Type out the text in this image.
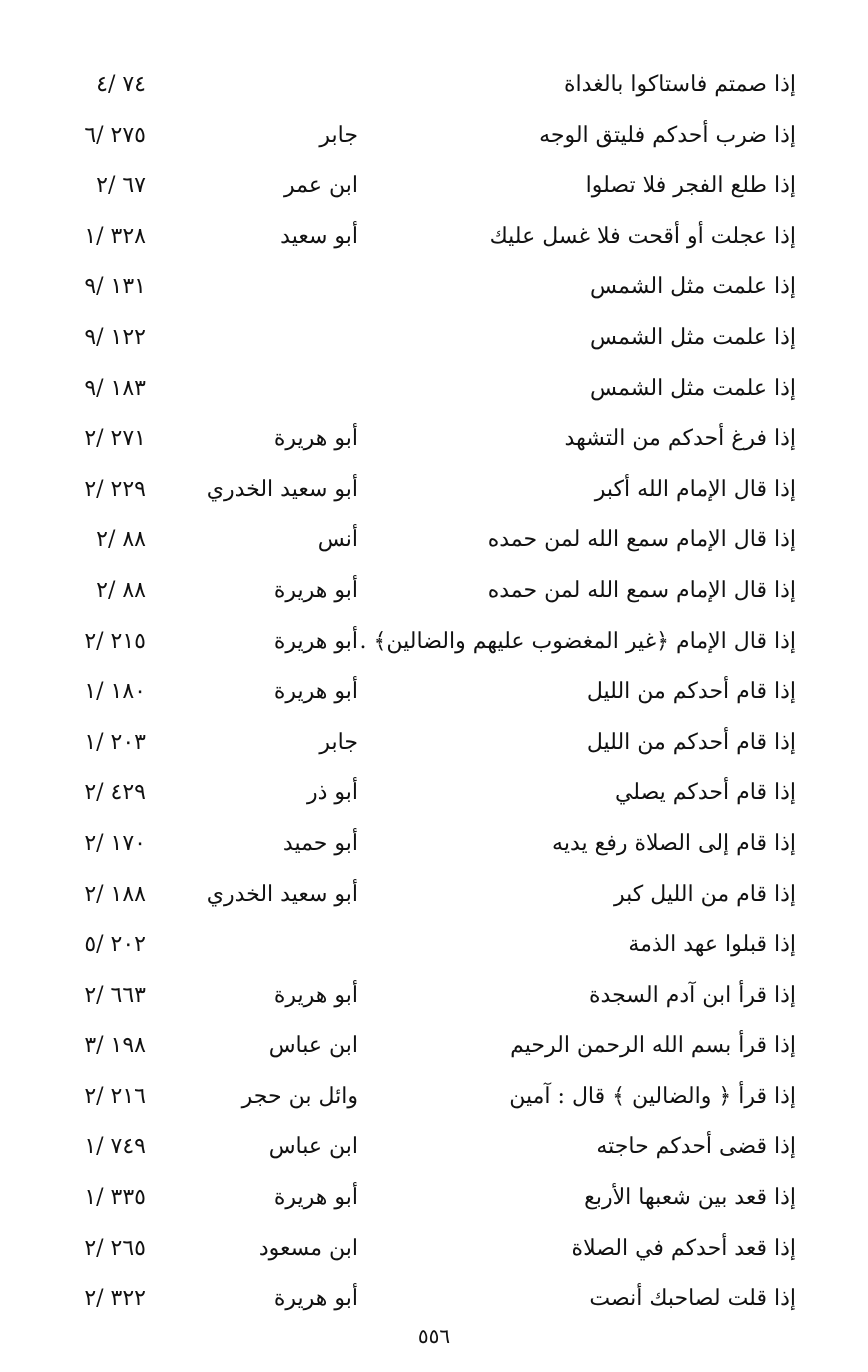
إذا صمتم فاستاكوا بالغداة
٧٤ /٤
إذا ضرب أحدكم فليتق الوجه
جابر
٢٧٥ /٦
إذا طلع الفجر فلا تصلوا
ابن عمر
٦٧ /٢
إذا عجلت أو أقحت فلا غسل عليك
أبو سعيد
٣٢٨ /١
إذا علمت مثل الشمس
١٣١ /٩
إذا علمت مثل الشمس
١٢٢ /٩
إذا علمت مثل الشمس
١٨٣ /٩
إذا فرغ أحدكم من التشهد
أبو هريرة
٢٧١ /٢
إذا قال الإمام الله أكبر
أبو سعيد الخدري
٢٢٩ /٢
إذا قال الإمام سمع الله لمن حمده
أنس
٨٨ /٢
إذا قال الإمام سمع الله لمن حمده
أبو هريرة
٨٨ /٢
إذا قال الإمام ﴿غير المغضوب عليهم والضالين﴾ .
أبو هريرة
٢١٥ /٢
إذا قام أحدكم من الليل
أبو هريرة
١٨٠ /١
إذا قام أحدكم من الليل
جابر
٢٠٣ /١
إذا قام أحدكم يصلي
أبو ذر
٤٢٩ /٢
إذا قام إلى الصلاة رفع يديه
أبو حميد
١٧٠ /٢
إذا قام من الليل كبر
أبو سعيد الخدري
١٨٨ /٢
إذا قبلوا عهد الذمة
٢٠٢ /٥
إذا قرأ ابن آدم السجدة
أبو هريرة
٦٦٣ /٢
إذا قرأ بسم الله الرحمن الرحيم
ابن عباس
١٩٨ /٣
إذا قرأ ﴿ والضالين ﴾ قال : آمين
وائل بن حجر
٢١٦ /٢
إذا قضى أحدكم حاجته
ابن عباس
٧٤٩ /١
إذا قعد بين شعبها الأربع
أبو هريرة
٣٣٥ /١
إذا قعد أحدكم في الصلاة
ابن مسعود
٢٦٥ /٢
إذا قلت لصاحبك أنصت
أبو هريرة
٣٢٢ /٢
٥٥٦
